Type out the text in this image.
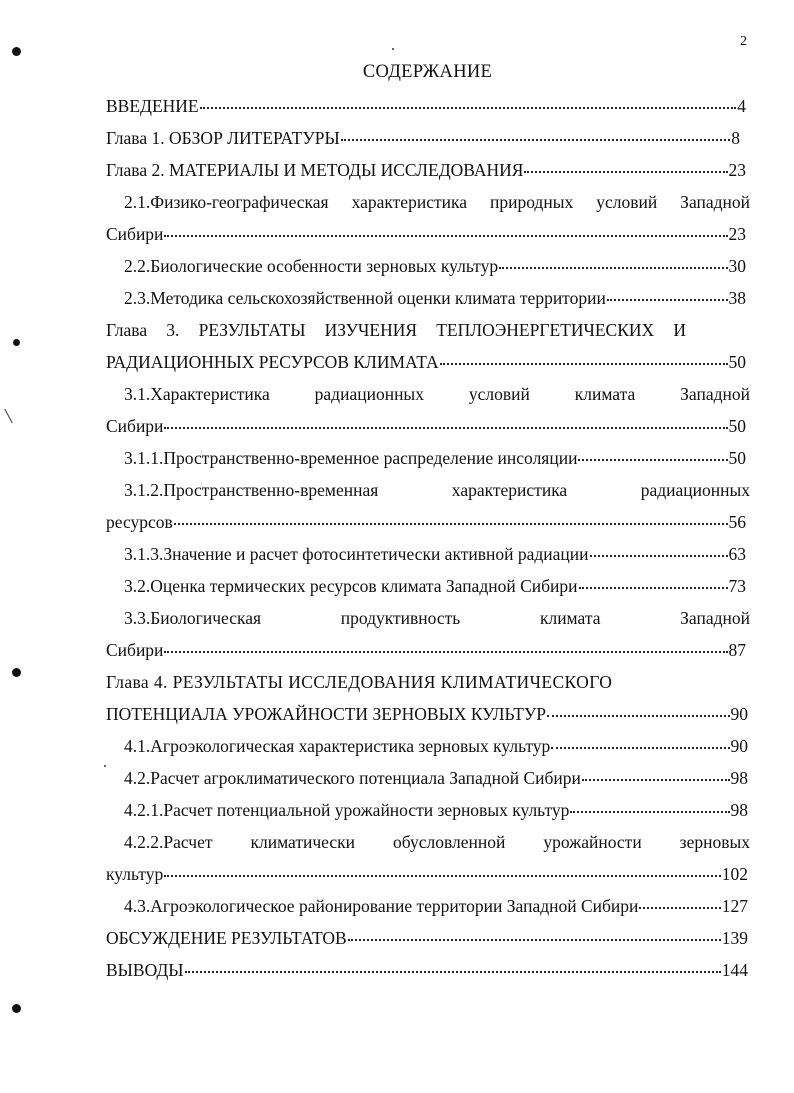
2
СОДЕРЖАНИЕ
ВВЕДЕНИЕ	4
Глава 1. ОБЗОР ЛИТЕРАТУРЫ	8
Глава 2. МАТЕРИАЛЫ И МЕТОДЫ ИССЛЕДОВАНИЯ	23
2.1.Физико-географическая характеристика природных условий Западной
Сибири	23
2.2.Биологические особенности зерновых культур	30
2.3.Методика сельскохозяйственной оценки климата территории	38
Глава 3. РЕЗУЛЬТАТЫ ИЗУЧЕНИЯ ТЕПЛОЭНЕРГЕТИЧЕСКИХ И
РАДИАЦИОННЫХ РЕСУРСОВ КЛИМАТА	50
3.1.Характеристика радиационных условий климата Западной
Сибири	50
3.1.1.Пространственно-временное распределение инсоляции	50
3.1.2.Пространственно-временная характеристика радиационных
ресурсов	56
3.1.3.Значение и расчет фотосинтетически активной радиации	63
3.2.Оценка термических ресурсов климата Западной Сибири	73
3.3.Биологическая продуктивность климата Западной
Сибири	87
Глава 4. РЕЗУЛЬТАТЫ ИССЛЕДОВАНИЯ КЛИМАТИЧЕСКОГО
ПОТЕНЦИАЛА УРОЖАЙНОСТИ ЗЕРНОВЫХ КУЛЬТУР	90
4.1.Агроэкологическая характеристика зерновых культур	90
4.2.Расчет агроклиматического потенциала Западной Сибири	98
4.2.1.Расчет потенциальной урожайности зерновых культур	98
4.2.2.Расчет климатически обусловленной урожайности зерновых
культур	102
4.3.Агроэкологическое районирование территории Западной Сибири	127
ОБСУЖДЕНИЕ РЕЗУЛЬТАТОВ	139
ВЫВОДЫ	144
